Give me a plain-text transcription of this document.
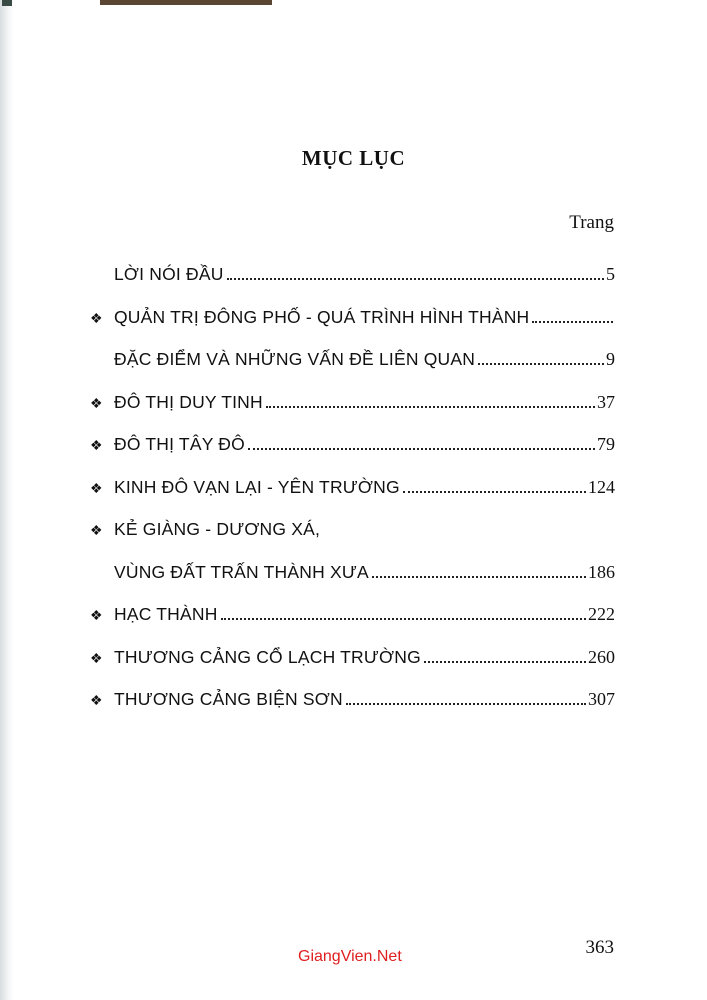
MỤC LỤC
Trang
LỜI NÓI ĐẦU	5
❖ QUẢN TRỊ ĐÔNG PHỐ - QUÁ TRÌNH HÌNH THÀNH
ĐẶC ĐIỂM VÀ NHỮNG VẤN ĐỀ LIÊN QUAN	9
❖ ĐÔ THỊ DUY TINH	37
❖ ĐÔ THỊ TÂY ĐÔ	79
❖ KINH ĐÔ VẠN LẠI - YÊN TRƯỜNG	124
❖ KẺ GIÀNG - DƯƠNG XÁ,
VÙNG ĐẤT TRẤN THÀNH XƯA	186
❖ HẠC THÀNH	222
❖ THƯƠNG CẢNG CỔ LẠCH TRƯỜNG	260
❖ THƯƠNG CẢNG BIỆN SƠN	307
363
GiangVien.Net
